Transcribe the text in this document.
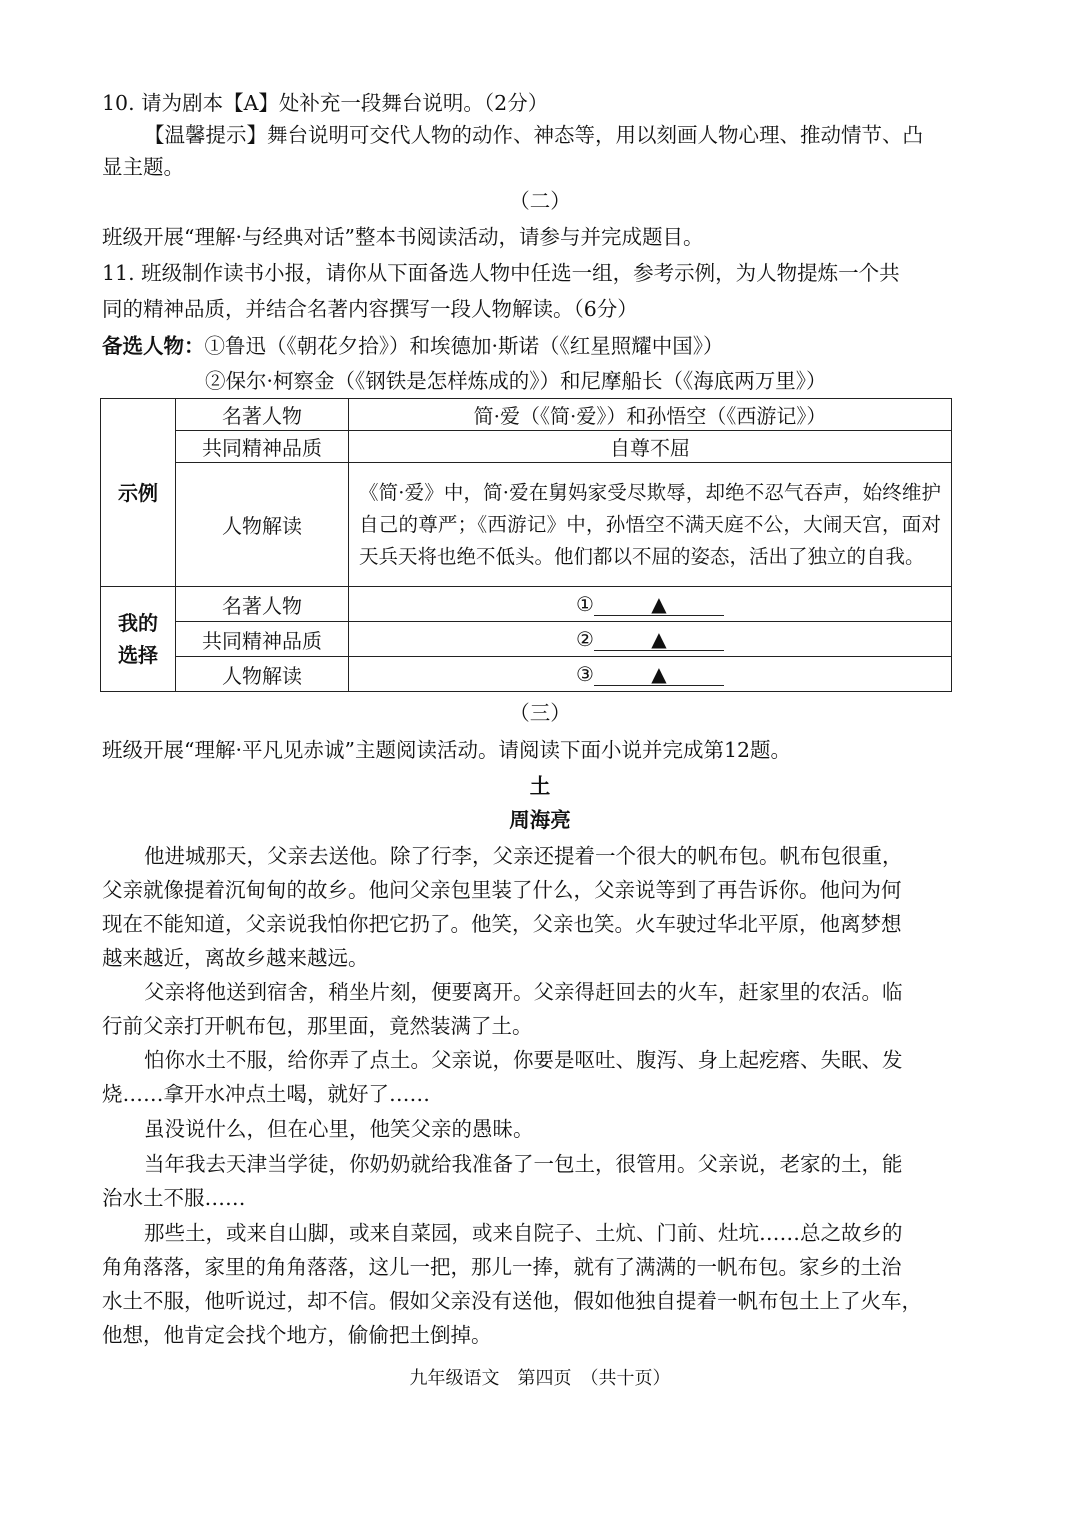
10. 请为剧本【A】处补充一段舞台说明。（2分）
【温馨提示】舞台说明可交代人物的动作、神态等，用以刻画人物心理、推动情节、凸
显主题。
（二）
班级开展“理解·与经典对话”整本书阅读活动，请参与并完成题目。
11. 班级制作读书小报，请你从下面备选人物中任选一组，参考示例，为人物提炼一个共
同的精神品质，并结合名著内容撰写一段人物解读。（6分）
备选人物：①鲁迅（《朝花夕拾》）和埃德加·斯诺（《红星照耀中国》）
②保尔·柯察金（《钢铁是怎样炼成的》）和尼摩船长（《海底两万里》）
示例	名著人物	简·爱（《简·爱》）和孙悟空（《西游记》）
	共同精神品质	自尊不屈
	人物解读	《简·爱》中，简·爱在舅妈家受尽欺辱，却绝不忍气吞声，始终维护自己的尊严；《西游记》中，孙悟空不满天庭不公，大闹天宫，面对天兵天将也绝不低头。他们都以不屈的姿态，活出了独立的自我。
我的选择	名著人物	① ▲
	共同精神品质	② ▲
	人物解读	③ ▲
（三）
班级开展“理解·平凡见赤诚”主题阅读活动。请阅读下面小说并完成第12题。
土
周海亮
他进城那天，父亲去送他。除了行李，父亲还提着一个很大的帆布包。帆布包很重，
父亲就像提着沉甸甸的故乡。他问父亲包里装了什么，父亲说等到了再告诉你。他问为何
现在不能知道，父亲说我怕你把它扔了。他笑，父亲也笑。火车驶过华北平原，他离梦想
越来越近，离故乡越来越远。
父亲将他送到宿舍，稍坐片刻，便要离开。父亲得赶回去的火车，赶家里的农活。临
行前父亲打开帆布包，那里面，竟然装满了土。
怕你水土不服，给你弄了点土。父亲说，你要是呕吐、腹泻、身上起疙瘩、失眠、发
烧……拿开水冲点土喝，就好了……
虽没说什么，但在心里，他笑父亲的愚昧。
当年我去天津当学徒，你奶奶就给我准备了一包土，很管用。父亲说，老家的土，能
治水土不服……
那些土，或来自山脚，或来自菜园，或来自院子、土炕、门前、灶坑……总之故乡的
角角落落，家里的角角落落，这儿一把，那儿一捧，就有了满满的一帆布包。家乡的土治
水土不服，他听说过，却不信。假如父亲没有送他，假如他独自提着一帆布包土上了火车，
他想，他肯定会找个地方，偷偷把土倒掉。
九年级语文　第四页　（共十页）
